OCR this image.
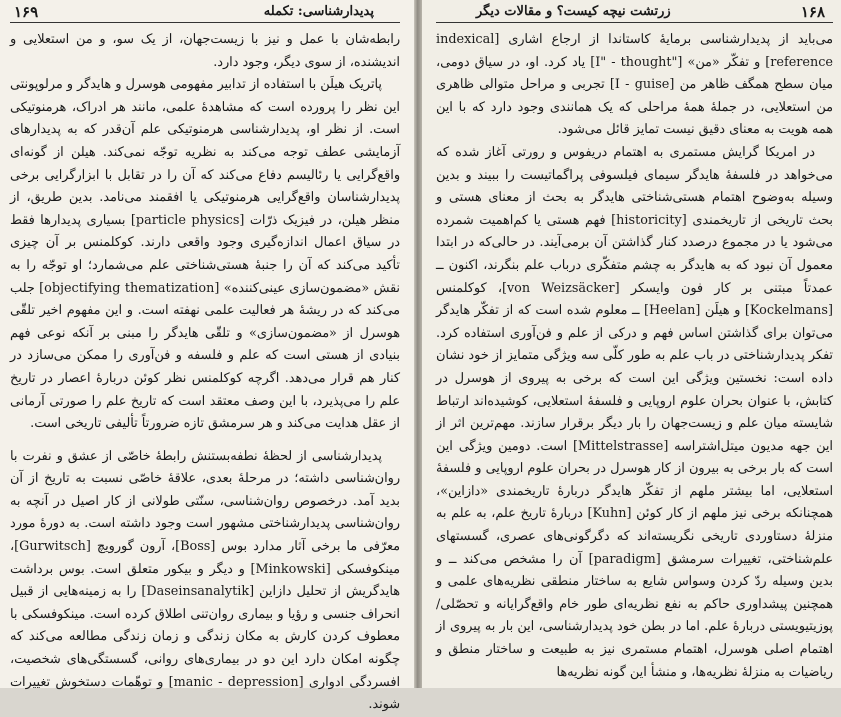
پدیدارشناسی: تکمله
۱۶۹

رابطه‌شان با عمل و نیز با زیست‌جهان، از یک سو، و من استعلایی و اندیشنده، از سوی دیگر، وجود دارد.

پاتریک هیلَن با استفاده از تدابیر مفهومی هوسرل و هایدگر و مرلوپونتی این نظر را پرورده است که مشاهدهٔ علمی، مانند هر ادراک، هرمنوتیکی است. از نظر او، پدیدارشناسی هرمنوتیکی علم آن‌قدر که به پدیدارهای آزمایشی عطف توجه می‌کند به نظریه توجّه نمی‌کند. هیلن از گونه‌ای واقع‌گرایی یا رئالیسم دفاع می‌کند که آن را در تقابل با ابزارگرایی برخی پدیدارشناسان واقع‌گرایی هرمنوتیکی یا افقمند می‌نامد. بدین طریق، از منظر هیلن، در فیزیک ذرّات [particle physics] بسیاری پدیدارها فقط در سیاق اعمال اندازه‌گیری وجود واقعی دارند. کوکلمنس بر آن چیزی تأکید می‌کند که آن را جنبهٔ هستی‌شناختی علم می‌شمارد؛ او توجّه را به نقش «مضمون‌سازی عینی‌کننده» [objectifying thematization] جلب می‌کند که در ریشهٔ هر فعالیت علمی نهفته است. و این مفهوم اخیر تلقّی هوسرل از «مضمون‌سازی» و تلقّی هایدگر را مبنی بر آنکه نوعی فهم بنیادی از هستی است که علم و فلسفه و فن‌آوری را ممکن می‌سازد در کنار هم قرار می‌دهد. اگرچه کوکلمنس نظر کوئن دربارهٔ اعصار در تاریخ علم را می‌پذیرد، با این وصف معتقد است که تاریخ علم را صورتی آرمانی از عقل هدایت می‌کند و هر سرمشق تازه ضرورتاً تألیفی تاریخی است.

پدیدارشناسی از لحظهٔ نطفه‌بستنش رابطهٔ خاصّی از عشق و نفرت با روان‌شناسی داشته؛ در مرحلهٔ بعدی، علاقهٔ خاصّی نسبت به تاریخ از آن بدید آمد. درخصوص روان‌شناسی، سنّتی طولانی از کار اصیل در آنچه به روان‌شناسی پدیدارشناختی مشهور است وجود داشته است. به دورهٔ مورد معرّفی ما برخی آثار مدارد بوس [Boss]، آرون گورویچ [Gurwitsch]، مینکوفسکی [Minkowski] و دیگر و بیکور متعلق است. بوس برداشت هایدگریش از تحلیل دازاین [Daseinsanalytik] را به زمینه‌هایی از قبیل انحراف جنسی و رؤیا و بیماری روان‌تنی اطلاق کرده است. مینکوفسکی با معطوف کردن کارش به مکان زندگی و زمان زندگی مطالعه می‌کند که چگونه امکان دارد این دو در بیماری‌های روانی، گسستگی‌های شخصیت، افسردگی ادواری [manic - depression] و توهّمات دستخوش تغییرات شوند.

۱۶۸
زرتشت نیچه کیست؟ و مقالات دیگر

می‌باید از پدیدارشناسی برمایهٔ کاستاندا از ارجاع اشاری [indexical reference] و تفکّر «من» ["I" - thought] یاد کرد. او، در سیاق دومی، میان سطح همگف ظاهر من [I - guise] تجربی و مراحل متوالی ظاهری من استعلایی، در جملهٔ همهٔ مراحلی که یک همانندی وجود دارد که با این همه هویت به معنای دقیق نیست تمایز قائل می‌شود.

در امریکا گرایش مستمری به اهتمام دریفوس و رورتی آغاز شده که می‌خواهد در فلسفهٔ هایدگر سیمای فیلسوفی پراگماتیست را ببیند و بدین وسیله به‌وضوح اهتمام هستی‌شناختی هایدگر به بحث از معنای هستی و بحث تاریخی از تاریخمندی [historicity] فهم هستی یا کم‌اهمیت شمرده می‌شود یا در مجموع درصدد کنار گذاشتن آن برمی‌آیند. در حالی‌که در ابتدا معمول آن نبود که به هایدگر به چشم متفکّری درباب علم بنگرند، اکنون ــ عمدتاً مبتنی بر کار فون وایسکر [von Weizsäcker]، کوکلمنس [Kockelmans] و هیلَن [Heelan] ــ معلوم شده است که از تفکّر هایدگر می‌توان برای گذاشتن اساس فهم و درکی از علم و فن‌آوری استفاده کرد. تفکر پدیدارشناختی در باب علم به طور کلّی سه ویژگی متمایز از خود نشان داده است: نخستین ویژگی این است که برخی به پیروی از هوسرل در کتابش، با عنوان بحران علوم اروپایی و فلسفهٔ استعلایی، کوشیده‌اند ارتباط شایسته میان علم و زیست‌جهان را بار دیگر برقرار سازند. مهم‌ترین اثر از این جهه مدیون میتل‌اشتراسه [Mittelstrasse] است. دومین ویژگی این است که بار برخی به بیرون از کار هوسرل در بحران علوم اروپایی و فلسفهٔ استعلایی، اما بیشتر ملهم از تفکّر هایدگر دربارهٔ تاریخمندی «دازاین»، همچنانکه برخی نیز ملهم از کار کوئن [Kuhn] دربارهٔ تاریخ علم، به علم به منزلهٔ دستاوردی تاریخی نگریسته‌اند که دگرگونی‌های عصری، گسستهای علم‌شناختی، تغییرات سرمشق [paradigm] آن را مشخص می‌کند ــ و بدین وسیله ردّ کردن وسواس شایع به ساختار منطقی نظریه‌های علمی و همچنین پیشداوری حاکم به نفع نظریه‌ای طور خام واقع‌گرایانه و تحصّلی/پوزیتیویستی دربارهٔ علم. اما در بطن خود پدیدارشناسی، این بار به پیروی از اهتمام اصلی هوسرل، اهتمام مستمری نیز به طبیعت و ساختار منطق و ریاضیات به منزلهٔ نظریه‌ها، و منشأ این گونه نظریه‌ها
